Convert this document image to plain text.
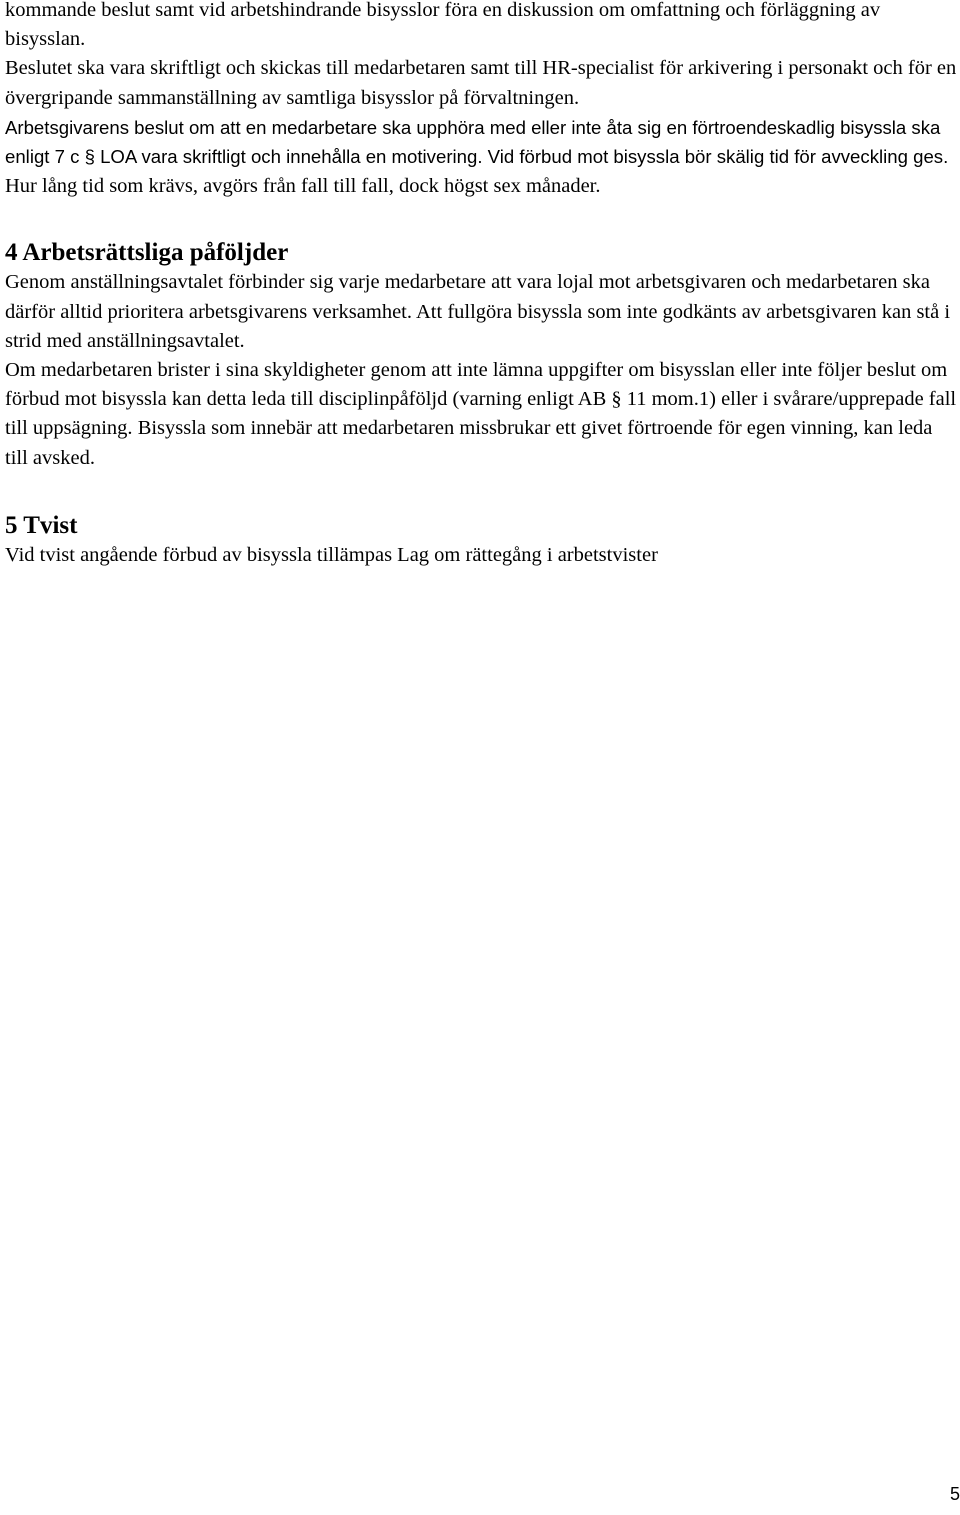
kommande beslut samt vid arbetshindrande bisysslor föra en diskussion om omfattning och förläggning av bisysslan.

Beslutet ska vara skriftligt och skickas till medarbetaren samt till HR-specialist för arkivering i personakt och för en övergripande sammanställning av samtliga bisysslor på förvaltningen.

Arbetsgivarens beslut om att en medarbetare ska upphöra med eller inte åta sig en förtroendeskadlig bisyssla ska enligt 7 c § LOA vara skriftligt och innehålla en motivering. Vid förbud mot bisyssla bör skälig tid för avveckling ges. Hur lång tid som krävs, avgörs från fall till fall, dock högst sex månader.

4 Arbetsrättsliga påföljder

Genom anställningsavtalet förbinder sig varje medarbetare att vara lojal mot arbetsgivaren och medarbetaren ska därför alltid prioritera arbetsgivarens verksamhet. Att fullgöra bisyssla som inte godkänts av arbetsgivaren kan stå i strid med anställningsavtalet.

Om medarbetaren brister i sina skyldigheter genom att inte lämna uppgifter om bisysslan eller inte följer beslut om förbud mot bisyssla kan detta leda till disciplinpåföljd (varning enligt AB § 11 mom.1) eller i svårare/upprepade fall till uppsägning. Bisyssla som innebär att medarbetaren missbrukar ett givet förtroende för egen vinning, kan leda till avsked.

5 Tvist

Vid tvist angående förbud av bisyssla tillämpas Lag om rättegång i arbetstvister

5
